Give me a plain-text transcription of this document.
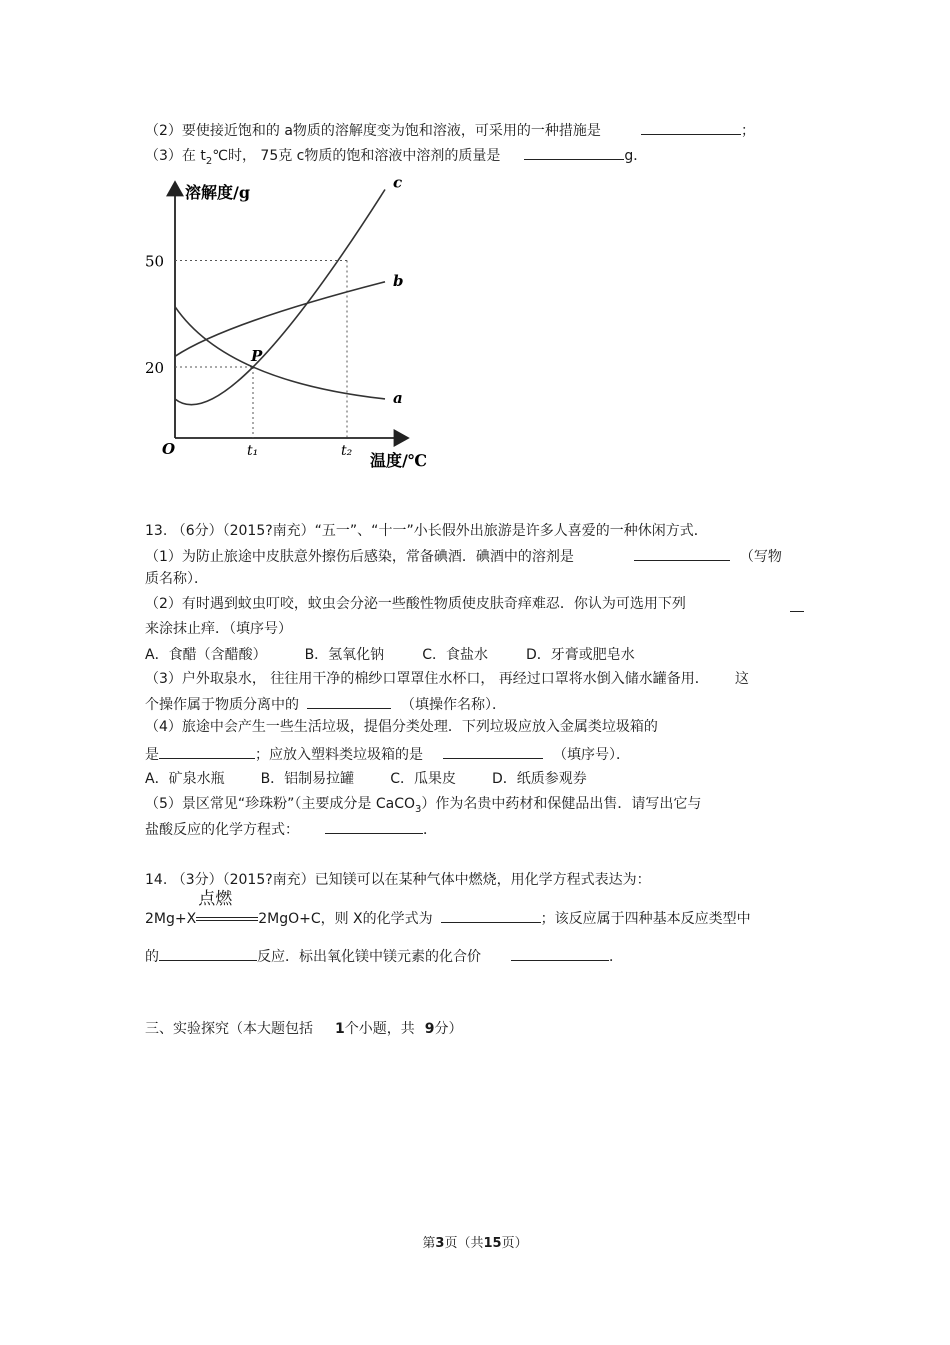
（2）要使接近饱和的 a物质的溶解度变为饱和溶液，可采用的一种措施是	；
（3）在 $t_2℃$时， 75克 c物质的饱和溶液中溶剂的质量是	g．
溶解度/g
温度/℃
O
a
b
c
50
20
t₁	t₂
P
13. （6分）（2015?南充）“五一”、“十一”小长假外出旅游是许多人喜爱的一种休闲方式．
（1）为防止旅途中皮肤意外擦伤后感染，常备碘酒．碘酒中的溶剂是	（写物
质名称）．
（2）有时遇到蚊虫叮咬，蚊虫会分泌一些酸性物质使皮肤奇痒难忍．你认为可选用下列
来涂抹止痒．（填序号）
A．食醋（含醋酸）	B．氢氧化钠	C．食盐水	D．牙膏或肥皂水
（3）户外取泉水， 往往用干净的棉纱口罩罩住水杯口， 再经过口罩将水倒入储水罐备用． 这
个操作属于物质分离中的	（填操作名称）．
（4）旅途中会产生一些生活垃圾，提倡分类处理．下列垃圾应放入金属类垃圾箱的
是	；应放入塑料类垃圾箱的是	（填序号）．
A．矿泉水瓶	B．铝制易拉罐	C．瓜果皮	D．纸质参观券
（5）景区常见“珍珠粉”（主要成分是 CaCO$_3$）作为名贵中药材和保健品出售．请写出它与
盐酸反应的化学方程式：	．
14. （3分）（2015?南充）已知镁可以在某种气体中燃烧，用化学方程式表达为：
2Mg+X
点燃
2MgO+C，则 X的化学式为	；该反应属于四种基本反应类型中
的	反应．标出氧化镁中镁元素的化合价	．
三、实验探究（本大题包括 1个小题，共 9分）
第3页（共15页）
